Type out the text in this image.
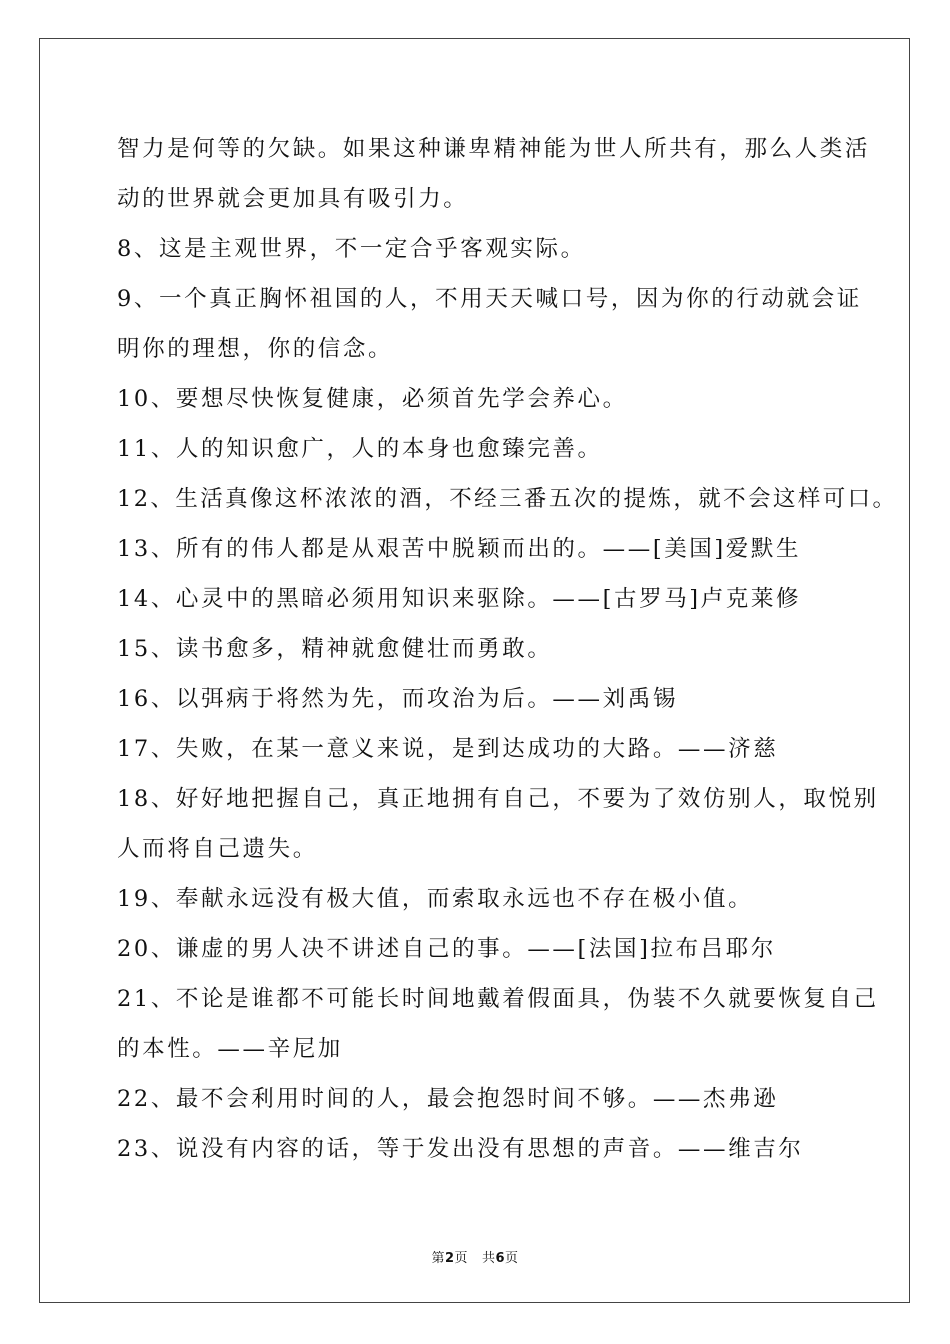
智力是何等的欠缺。如果这种谦卑精神能为世人所共有，那么人类活

动的世界就会更加具有吸引力。

8、这是主观世界，不一定合乎客观实际。

9、一个真正胸怀祖国的人，不用天天喊口号，因为你的行动就会证

明你的理想，你的信念。

10、要想尽快恢复健康，必须首先学会养心。

11、人的知识愈广，人的本身也愈臻完善。

12、生活真像这杯浓浓的酒，不经三番五次的提炼，就不会这样可口。

13、所有的伟人都是从艰苦中脱颖而出的。——[美国]爱默生

14、心灵中的黑暗必须用知识来驱除。——[古罗马]卢克莱修

15、读书愈多，精神就愈健壮而勇敢。

16、以弭病于将然为先，而攻治为后。——刘禹锡

17、失败，在某一意义来说，是到达成功的大路。——济慈

18、好好地把握自己，真正地拥有自己，不要为了效仿别人，取悦别

人而将自己遗失。

19、奉献永远没有极大值，而索取永远也不存在极小值。

20、谦虚的男人决不讲述自己的事。——[法国]拉布吕耶尔

21、不论是谁都不可能长时间地戴着假面具，伪装不久就要恢复自己

的本性。——辛尼加

22、最不会利用时间的人，最会抱怨时间不够。——杰弗逊

23、说没有内容的话，等于发出没有思想的声音。——维吉尔

第2页 共6页
